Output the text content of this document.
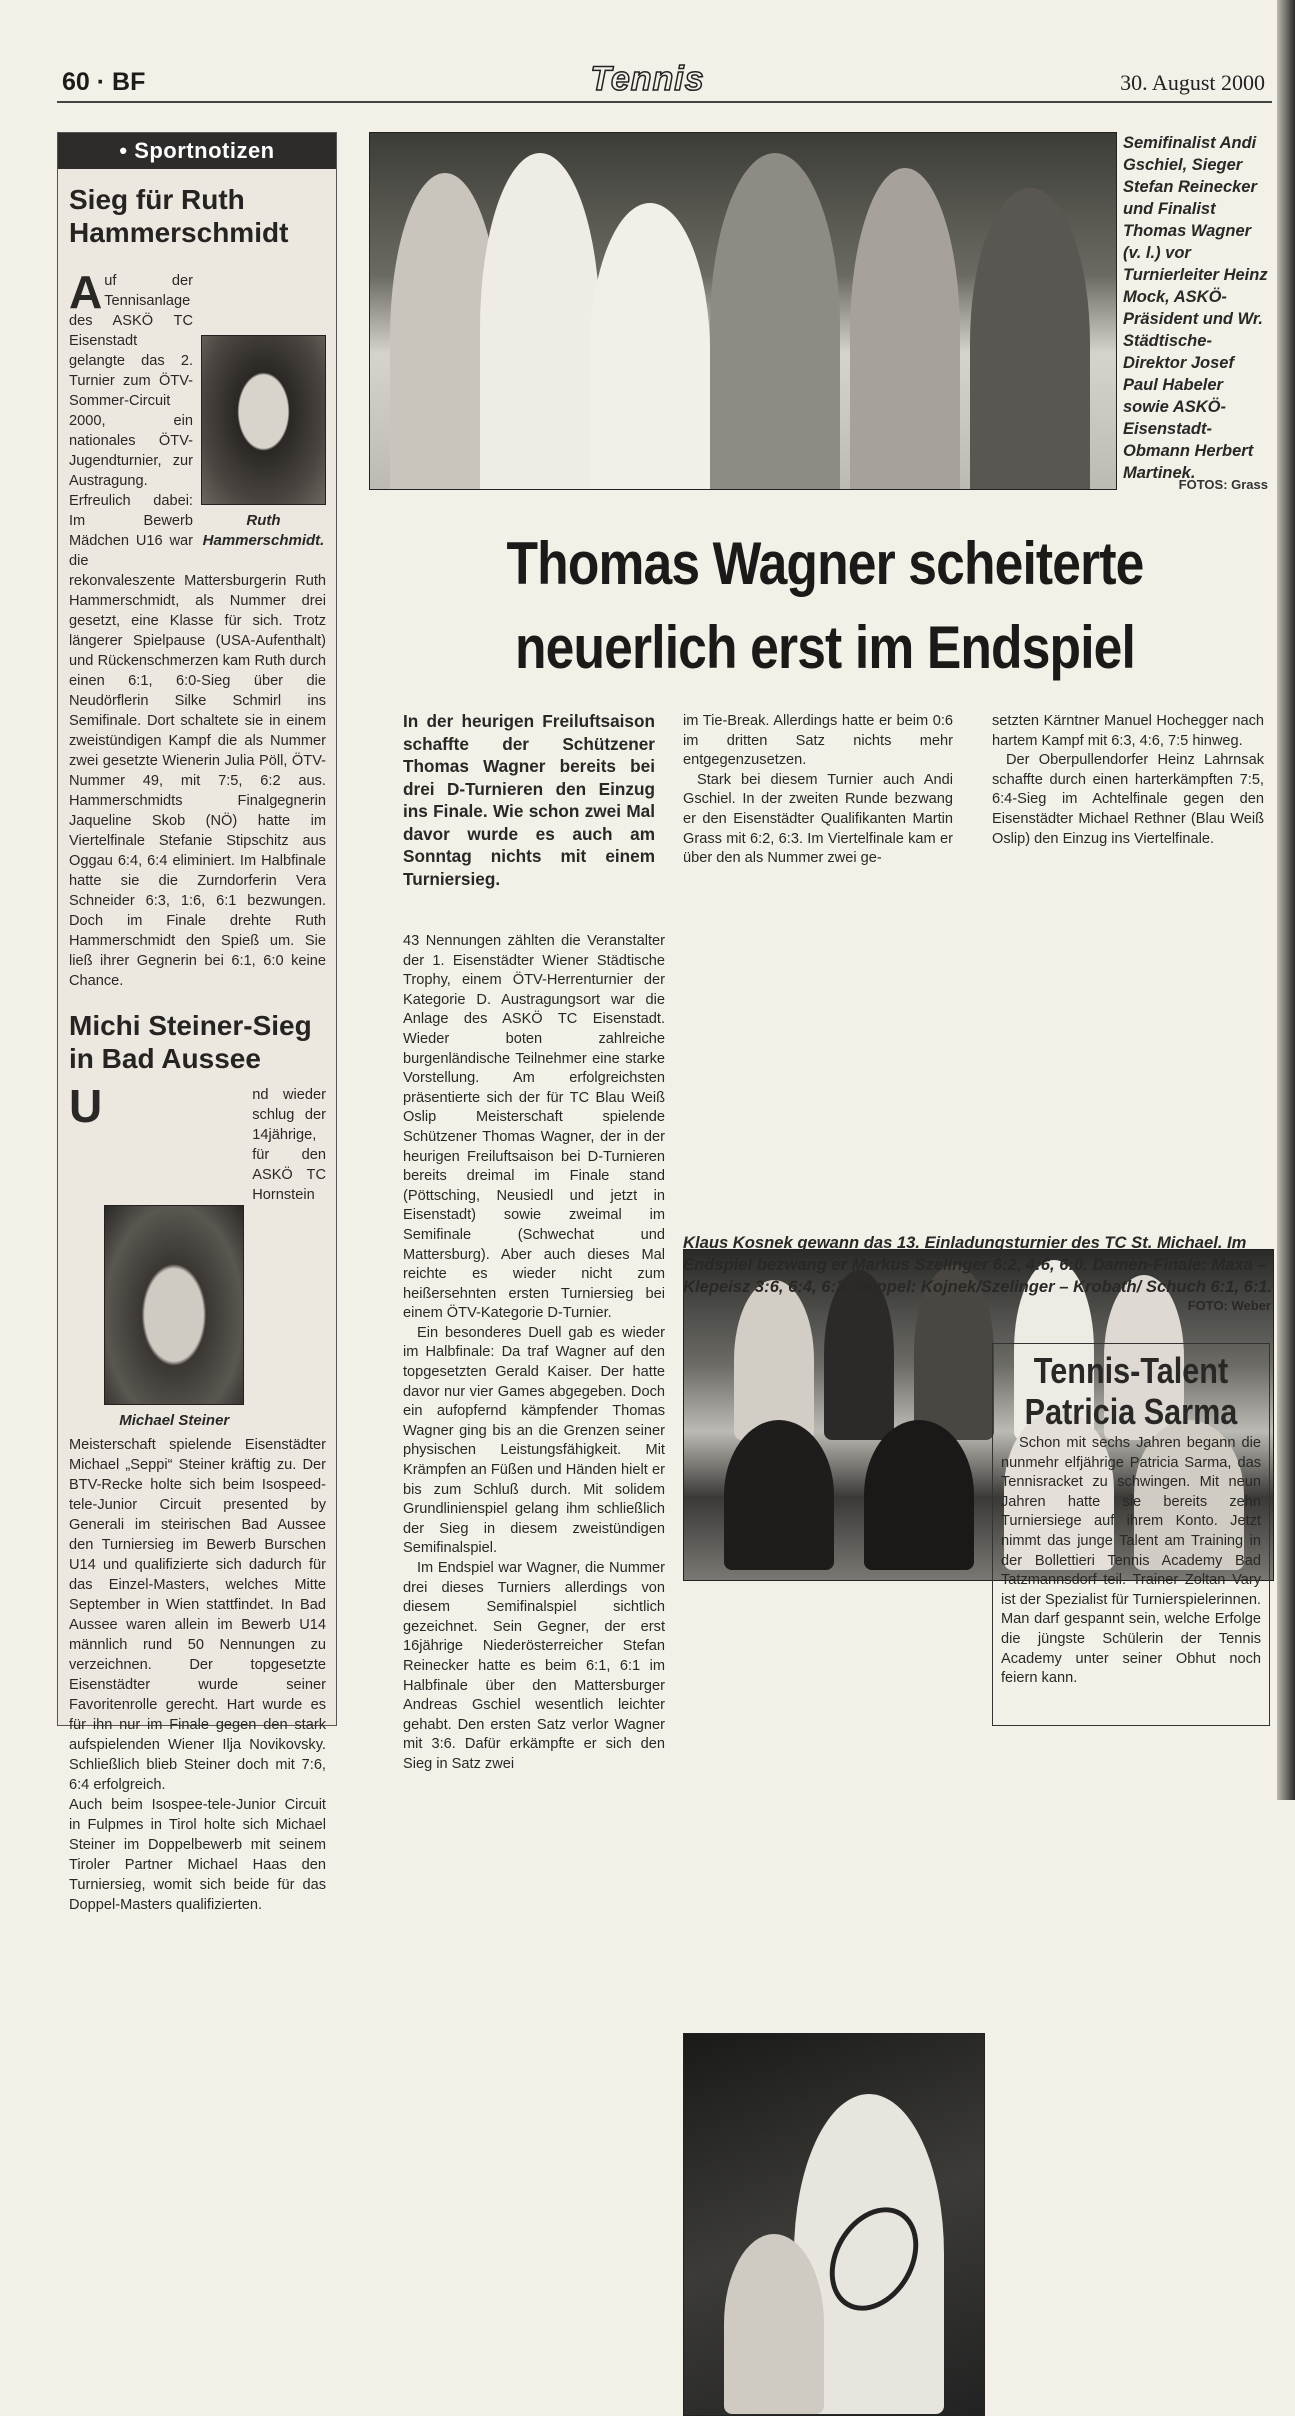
60 · BF	Tennis	30. August 2000
• Sportnotizen
Sieg für Ruth Hammerschmidt
A
Ruth Hammerschmidt.

uf der Tennisanlage des ASKÖ TC Eisenstadt gelangte das 2. Turnier zum ÖTV-Sommer-Circuit 2000, ein nationales ÖTV-Jugendturnier, zur Austragung. Erfreulich dabei: Im Bewerb Mädchen U16 war die rekonvaleszente Mattersburgerin Ruth Hammerschmidt, als Nummer drei gesetzt, eine Klasse für sich. Trotz längerer Spielpause (USA-Aufenthalt) und Rückenschmerzen kam Ruth durch einen 6:1, 6:0-Sieg über die Neudörflerin Silke Schmirl ins Semifinale. Dort schaltete sie in einem zweistündigen Kampf die als Nummer zwei gesetzte Wienerin Julia Pöll, ÖTV-Nummer 49, mit 7:5, 6:2 aus. Hammerschmidts Finalgegnerin Jaqueline Skob (NÖ) hatte im Viertelfinale Stefanie Stipschitz aus Oggau 6:4, 6:4 eliminiert. Im Halbfinale hatte sie die Zurndorferin Vera Schneider 6:3, 1:6, 6:1 bezwungen. Doch im Finale drehte Ruth Hammerschmidt den Spieß um. Sie ließ ihrer Gegnerin bei 6:1, 6:0 keine Chance.

Michi Steiner-Sieg in Bad Aussee
U
Michael Steiner

nd wieder schlug der 14jährige, für den ASKÖ TC Hornstein Meisterschaft spielende Eisenstädter Michael „Seppi“ Steiner kräftig zu. Der BTV-Recke holte sich beim Isospeed-tele-Junior Circuit presented by Generali im steirischen Bad Aussee den Turniersieg im Bewerb Burschen U14 und qualifizierte sich dadurch für das Einzel-Masters, welches Mitte September in Wien stattfindet. In Bad Aussee waren allein im Bewerb U14 männlich rund 50 Nennungen zu verzeichnen. Der topgesetzte Eisenstädter wurde seiner Favoritenrolle gerecht. Hart wurde es für ihn nur im Finale gegen den stark aufspielenden Wiener Ilja Novikovsky. Schließlich blieb Steiner doch mit 7:6, 6:4 erfolgreich.

Auch beim Isospee-tele-Junior Circuit in Fulpmes in Tirol holte sich Michael Steiner im Doppelbewerb mit seinem Tiroler Partner Michael Haas den Turniersieg, womit sich beide für das Doppel-Masters qualifizierten.

Semifinalist Andi Gschiel, Sieger Stefan Reinecker und Finalist Thomas Wagner (v. l.) vor Turnierleiter Heinz Mock, ASKÖ-Präsident und Wr. Städtische-Direktor Josef Paul Habeler sowie ASKÖ-Eisenstadt-Obmann Herbert Martinek.
FOTOS: Grass
Thomas Wagner scheiterte neuerlich erst im Endspiel

In der heurigen Freiluftsaison schaffte der Schützener Thomas Wagner bereits bei drei D-Turnieren den Einzug ins Finale. Wie schon zwei Mal davor wurde es auch am Sonntag nichts mit einem Turniersieg.

43 Nennungen zählten die Veranstalter der 1. Eisenstädter Wiener Städtische Trophy, einem ÖTV-Herrenturnier der Kategorie D. Austragungsort war die Anlage des ASKÖ TC Eisenstadt. Wieder boten zahlreiche burgenländische Teilnehmer eine starke Vorstellung. Am erfolgreichsten präsentierte sich der für TC Blau Weiß Oslip Meisterschaft spielende Schützener Thomas Wagner, der in der heurigen Freiluftsaison bei D-Turnieren bereits dreimal im Finale stand (Pöttsching, Neusiedl und jetzt in Eisenstadt) sowie zweimal im Semifinale (Schwechat und Mattersburg). Aber auch dieses Mal reichte es wieder nicht zum heißersehnten ersten Turniersieg bei einem ÖTV-Kategorie D-Turnier.

Ein besonderes Duell gab es wieder im Halbfinale: Da traf Wagner auf den topgesetzten Gerald Kaiser. Der hatte davor nur vier Games abgegeben. Doch ein aufopfernd kämpfender Thomas Wagner ging bis an die Grenzen seiner physischen Leistungsfähigkeit. Mit Krämpfen an Füßen und Händen hielt er bis zum Schluß durch. Mit solidem Grundlinienspiel gelang ihm schließlich der Sieg in diesem zweistündigen Semifinalspiel.

Im Endspiel war Wagner, die Nummer drei dieses Turniers allerdings von diesem Semifinalspiel sichtlich gezeichnet. Sein Gegner, der erst 16jährige Niederösterreicher Stefan Reinecker hatte es beim 6:1, 6:1 im Halbfinale über den Mattersburger Andreas Gschiel wesentlich leichter gehabt. Den ersten Satz verlor Wagner mit 3:6. Dafür erkämpfte er sich den Sieg in Satz zwei

im Tie-Break. Allerdings hatte er beim 0:6 im dritten Satz nichts mehr entgegenzusetzen.

Stark bei diesem Turnier auch Andi Gschiel. In der zweiten Runde bezwang er den Eisenstädter Qualifikanten Martin Grass mit 6:2, 6:3. Im Viertelfinale kam er über den als Nummer zwei ge-

setzten Kärntner Manuel Hochegger nach hartem Kampf mit 6:3, 4:6, 7:5 hinweg.

Der Oberpullendorfer Heinz Lahrnsak schaffte durch einen harterkämpften 7:5, 6:4-Sieg im Achtelfinale gegen den Eisenstädter Michael Rethner (Blau Weiß Oslip) den Einzug ins Viertelfinale.

Klaus Kosnek gewann das 13. Einladungsturnier des TC St. Michael. Im Endspiel bezwang er Markus Szelinger 6:2, 4:6, 6:0. Damen-Finale: Maxa – Klepeisz 3:6, 6:4, 6:3. Doppel: Kojnek/Szelinger – Krobath/ Schuch 6:1, 6:1.
FOTO: Weber
Tennis-Talent Patricia Sarma

Schon mit sechs Jahren begann die nunmehr elfjährige Patricia Sarma, das Tennisracket zu schwingen. Mit neun Jahren hatte sie bereits zehn Turniersiege auf ihrem Konto. Jetzt nimmt das junge Talent am Training in der Bollettieri Tennis Academy Bad Tatzmannsdorf teil. Trainer Zoltan Vary ist der Spezialist für Turnierspielerinnen. Man darf gespannt sein, welche Erfolge die jüngste Schülerin der Tennis Academy unter seiner Obhut noch feiern kann.
